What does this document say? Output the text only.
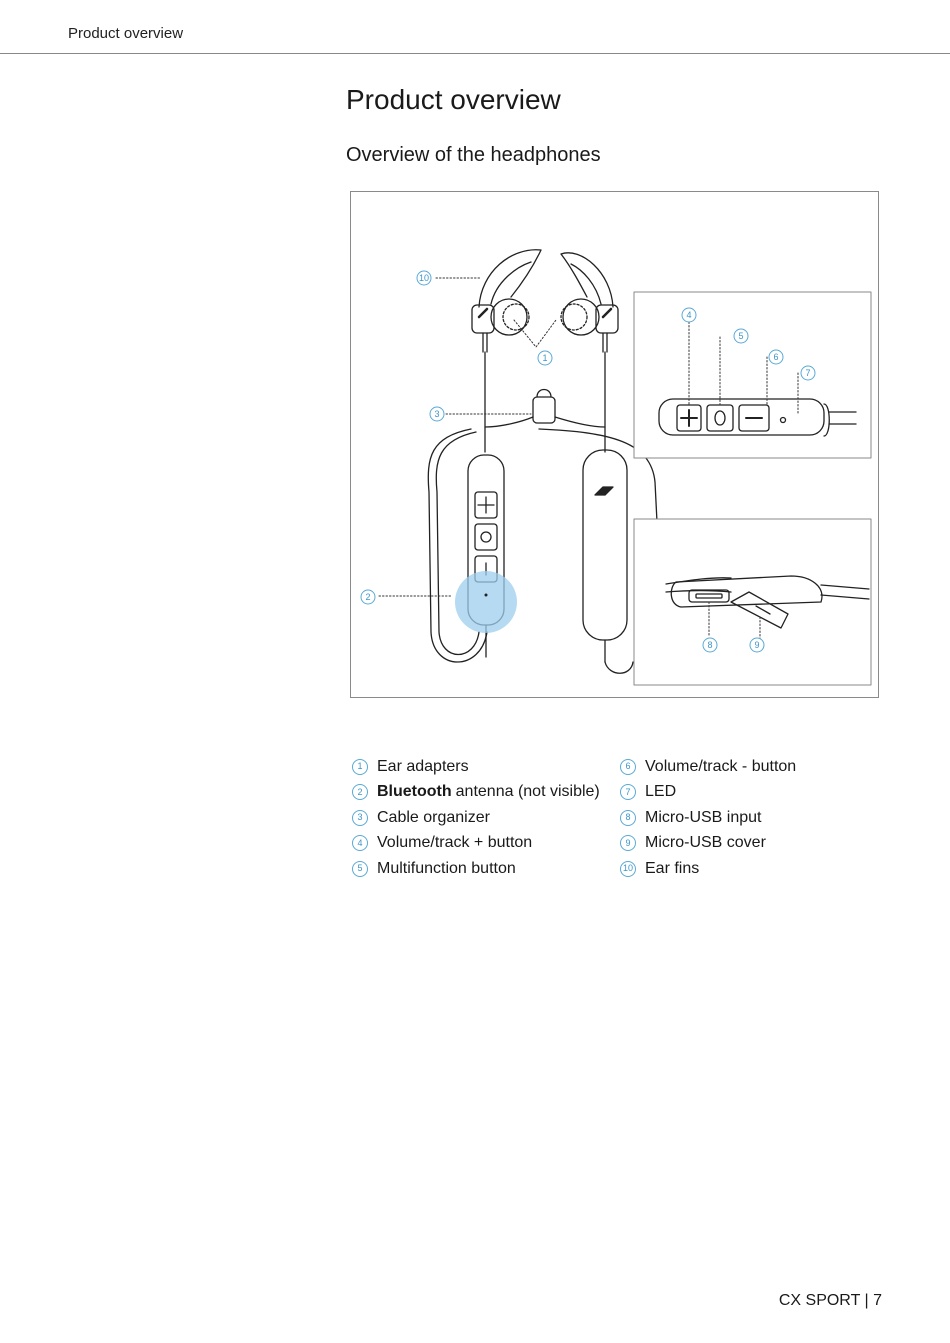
Product overview
Product overview
Overview of the headphones
10
1
3
2
4
5
6
7
8	9
1 Ear adapters	6 Volume/track - button
2 Bluetooth antenna (not visible)	7 LED
3 Cable organizer	8 Micro-USB input
4 Volume/track + button	9 Micro-USB cover
5 Multifunction button	10 Ear fins
CX SPORT | 7
